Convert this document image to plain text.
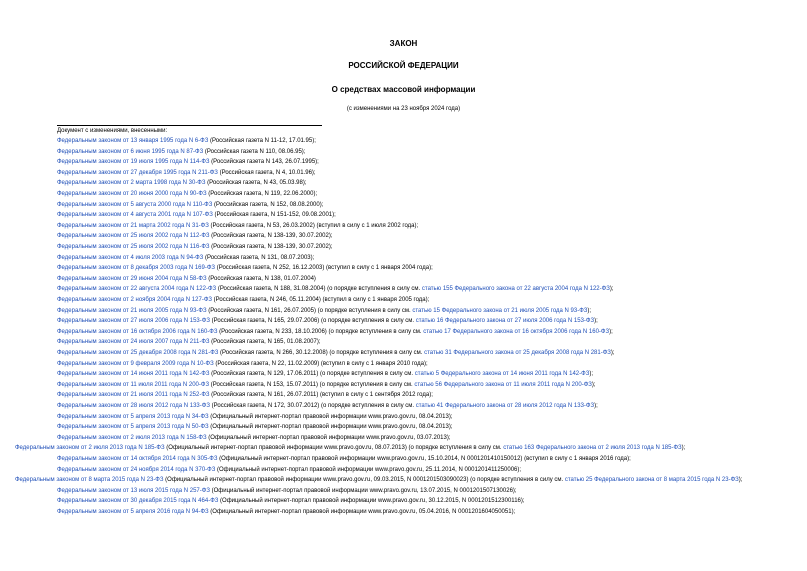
ЗАКОН
РОССИЙСКОЙ ФЕДЕРАЦИИ
О средствах массовой информации
(с изменениями на 23 ноября 2024 года)
Документ с изменениями, внесенными:
Федеральным законом от 13 января 1995 года N 6-ФЗ (Российская газета N 11-12, 17.01.95);
Федеральным законом от 6 июня 1995 года N 87-ФЗ (Российская газета N 110, 08.06.95);
Федеральным законом от 19 июля 1995 года N 114-ФЗ (Российская газета N 143, 26.07.1995);
Федеральным законом от 27 декабря 1995 года N 211-ФЗ (Российская газета, N 4, 10.01.96);
Федеральным законом от 2 марта 1998 года N 30-ФЗ (Российская газета, N 43, 05.03.98);
Федеральным законом от 20 июня 2000 года N 90-ФЗ (Российская газета, N 119, 22.06.2000);
Федеральным законом от 5 августа 2000 года N 110-ФЗ (Российская газета, N 152, 08.08.2000);
Федеральным законом от 4 августа 2001 года N 107-ФЗ (Российская газета, N 151-152, 09.08.2001);
Федеральным законом от 21 марта 2002 года N 31-ФЗ (Российская газета, N 53, 26.03.2002) (вступил в силу с 1 июля 2002 года);
Федеральным законом от 25 июля 2002 года N 112-ФЗ (Российская газета, N 138-139, 30.07.2002);
Федеральным законом от 25 июля 2002 года N 116-ФЗ (Российская газета, N 138-139, 30.07.2002);
Федеральным законом от 4 июля 2003 года N 94-ФЗ (Российская газета, N 131, 08.07.2003);
Федеральным законом от 8 декабря 2003 года N 169-ФЗ (Российская газета, N 252, 16.12.2003) (вступил в силу с 1 января 2004 года);
Федеральным законом от 29 июня 2004 года N 58-ФЗ (Российская газета, N 138, 01.07.2004)
Федеральным законом от 22 августа 2004 года N 122-ФЗ (Российская газета, N 188, 31.08.2004) (о порядке вступления в силу см. статью 155 Федерального закона от 22 августа 2004 года N 122-ФЗ);
Федеральным законом от 2 ноября 2004 года N 127-ФЗ (Российская газета, N 246, 05.11.2004) (вступил в силу с 1 января 2005 года);
Федеральным законом от 21 июля 2005 года N 93-ФЗ (Российская газета, N 161, 26.07.2005) (о порядке вступления в силу см. статью 15 Федерального закона от 21 июля 2005 года N 93-ФЗ);
Федеральным законом от 27 июля 2006 года N 153-ФЗ (Российская газета, N 165, 29.07.2006) (о порядке вступления в силу см. статью 16 Федерального закона от 27 июля 2006 года N 153-ФЗ);
Федеральным законом от 16 октября 2006 года N 160-ФЗ (Российская газета, N 233, 18.10.2006) (о порядке вступления в силу см. статью 17 Федерального закона от 16 октября 2006 года N 160-ФЗ);
Федеральным законом от 24 июля 2007 года N 211-ФЗ (Российская газета, N 165, 01.08.2007);
Федеральным законом от 25 декабря 2008 года N 281-ФЗ (Российская газета, N 266, 30.12.2008) (о порядке вступления в силу см. статью 31 Федерального закона от 25 декабря 2008 года N 281-ФЗ);
Федеральным законом от 9 февраля 2009 года N 10-ФЗ (Российская газета, N 22, 11.02.2009) (вступил в силу с 1 января 2010 года);
Федеральным законом от 14 июня 2011 года N 142-ФЗ (Российская газета, N 129, 17.06.2011) (о порядке вступления в силу см. статью 5 Федерального закона от 14 июня 2011 года N 142-ФЗ);
Федеральным законом от 11 июля 2011 года N 200-ФЗ (Российская газета, N 153, 15.07.2011) (о порядке вступления в силу см. статью 56 Федерального закона от 11 июля 2011 года N 200-ФЗ);
Федеральным законом от 21 июля 2011 года N 252-ФЗ (Российская газета, N 161, 26.07.2011) (вступил в силу с 1 сентября 2012 года);
Федеральным законом от 28 июля 2012 года N 133-ФЗ (Российская газета, N 172, 30.07.2012) (о порядке вступления в силу см. статью 41 Федерального закона от 28 июля 2012 года N 133-ФЗ);
Федеральным законом от 5 апреля 2013 года N 34-ФЗ (Официальный интернет-портал правовой информации www.pravo.gov.ru, 08.04.2013);
Федеральным законом от 5 апреля 2013 года N 50-ФЗ (Официальный интернет-портал правовой информации www.pravo.gov.ru, 08.04.2013);
Федеральным законом от 2 июля 2013 года N 158-ФЗ (Официальный интернет-портал правовой информации www.pravo.gov.ru, 03.07.2013);
Федеральным законом от 2 июля 2013 года N 185-ФЗ (Официальный интернет-портал правовой информации www.pravo.gov.ru, 08.07.2013) (о порядке вступления в силу см. статью 163 Федерального закона от 2 июля 2013 года N 185-ФЗ);
Федеральным законом от 14 октября 2014 года N 305-ФЗ (Официальный интернет-портал правовой информации www.pravo.gov.ru, 15.10.2014, N 0001201410150012) (вступил в силу с 1 января 2016 года);
Федеральным законом от 24 ноября 2014 года N 370-ФЗ (Официальный интернет-портал правовой информации www.pravo.gov.ru, 25.11.2014, N 0001201411250006);
Федеральным законом от 8 марта 2015 года N 23-ФЗ (Официальный интернет-портал правовой информации www.pravo.gov.ru, 09.03.2015, N 0001201503090023) (о порядке вступления в силу см. статью 25 Федерального закона от 8 марта 2015 года N 23-ФЗ);
Федеральным законом от 13 июля 2015 года N 257-ФЗ (Официальный интернет-портал правовой информации www.pravo.gov.ru, 13.07.2015, N 0001201507130026);
Федеральным законом от 30 декабря 2015 года N 464-ФЗ (Официальный интернет-портал правовой информации www.pravo.gov.ru, 30.12.2015, N 0001201512300116);
Федеральным законом от 5 апреля 2016 года N 94-ФЗ (Официальный интернет-портал правовой информации www.pravo.gov.ru, 05.04.2016, N 0001201604050051);
